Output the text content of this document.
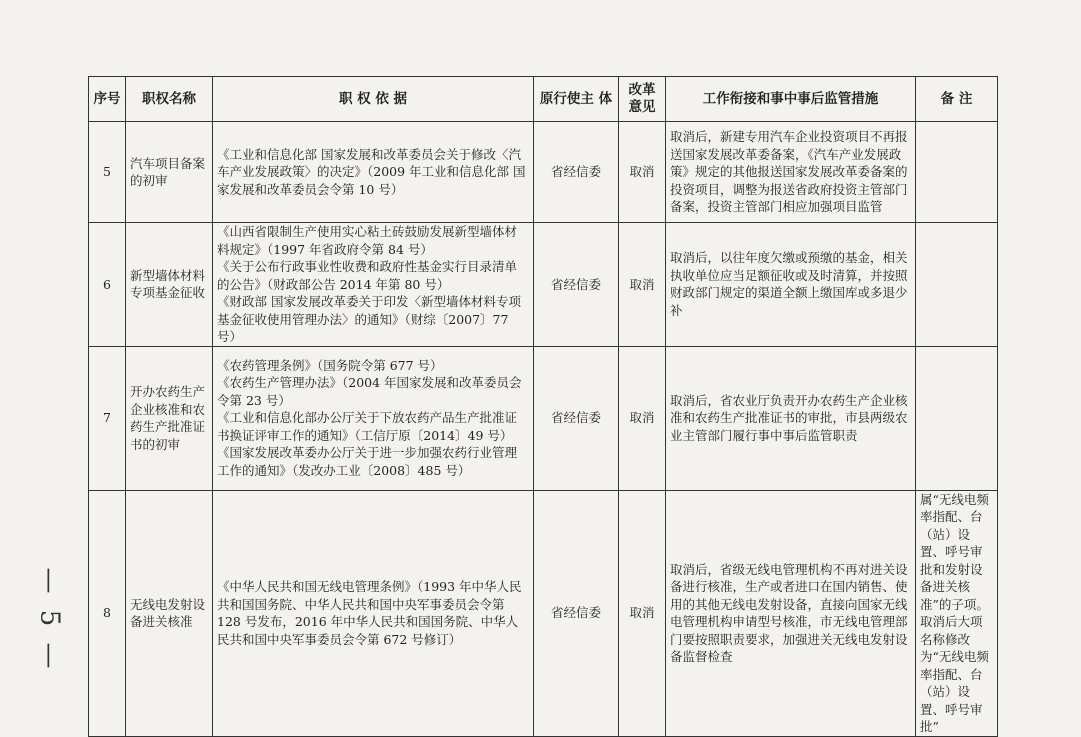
— 5 —
序号	职权名称	职 权 依 据	原行使主 体	改革意见	工作衔接和事中事后监管措施	备 注
5	汽车项目备案的初审	《工业和信息化部 国家发展和改革委员会关于修改〈汽车产业发展政策〉的决定》（2009 年工业和信息化部 国家发展和改革委员会令第 10 号）	省经信委	取消	取消后，新建专用汽车企业投资项目不再报送国家发展改革委备案，《汽车产业发展政策》规定的其他报送国家发展改革委备案的投资项目，调整为报送省政府投资主管部门备案，投资主管部门相应加强项目监管	
6	新型墙体材料专项基金征收	《山西省限制生产使用实心粘土砖鼓励发展新型墙体材料规定》（1997 年省政府令第 84 号）
《关于公布行政事业性收费和政府性基金实行目录清单的公告》（财政部公告 2014 年第 80 号）
《财政部 国家发展改革委关于印发〈新型墙体材料专项基金征收使用管理办法〉的通知》（财综〔2007〕77 号）	省经信委	取消	取消后，以往年度欠缴或预缴的基金，相关执收单位应当足额征收或及时清算，并按照财政部门规定的渠道全额上缴国库或多退少补	
7	开办农药生产企业核准和农药生产批准证书的初审	《农药管理条例》（国务院令第 677 号）
《农药生产管理办法》（2004 年国家发展和改革委员会令第 23 号）
《工业和信息化部办公厅关于下放农药产品生产批准证书换证评审工作的通知》（工信厅原〔2014〕49 号）
《国家发展改革委办公厅关于进一步加强农药行业管理工作的通知》（发改办工业〔2008〕485 号）	省经信委	取消	取消后，省农业厅负责开办农药生产企业核准和农药生产批准证书的审批，市县两级农业主管部门履行事中事后监管职责	
8	无线电发射设备进关核准	《中华人民共和国无线电管理条例》（1993 年中华人民共和国国务院、中华人民共和国中央军事委员会令第 128 号发布，2016 年中华人民共和国国务院、中华人民共和国中央军事委员会令第 672 号修订）	省经信委	取消	取消后，省级无线电管理机构不再对进关设备进行核准，生产或者进口在国内销售、使用的其他无线电发射设备，直接向国家无线电管理机构申请型号核准，市无线电管理部门要按照职责要求，加强进关无线电发射设备监督检查	属“无线电频率指配、台（站）设置、呼号审批和发射设备进关核准”的子项。取消后大项名称修改为“无线电频率指配、台（站）设置、呼号审批”
